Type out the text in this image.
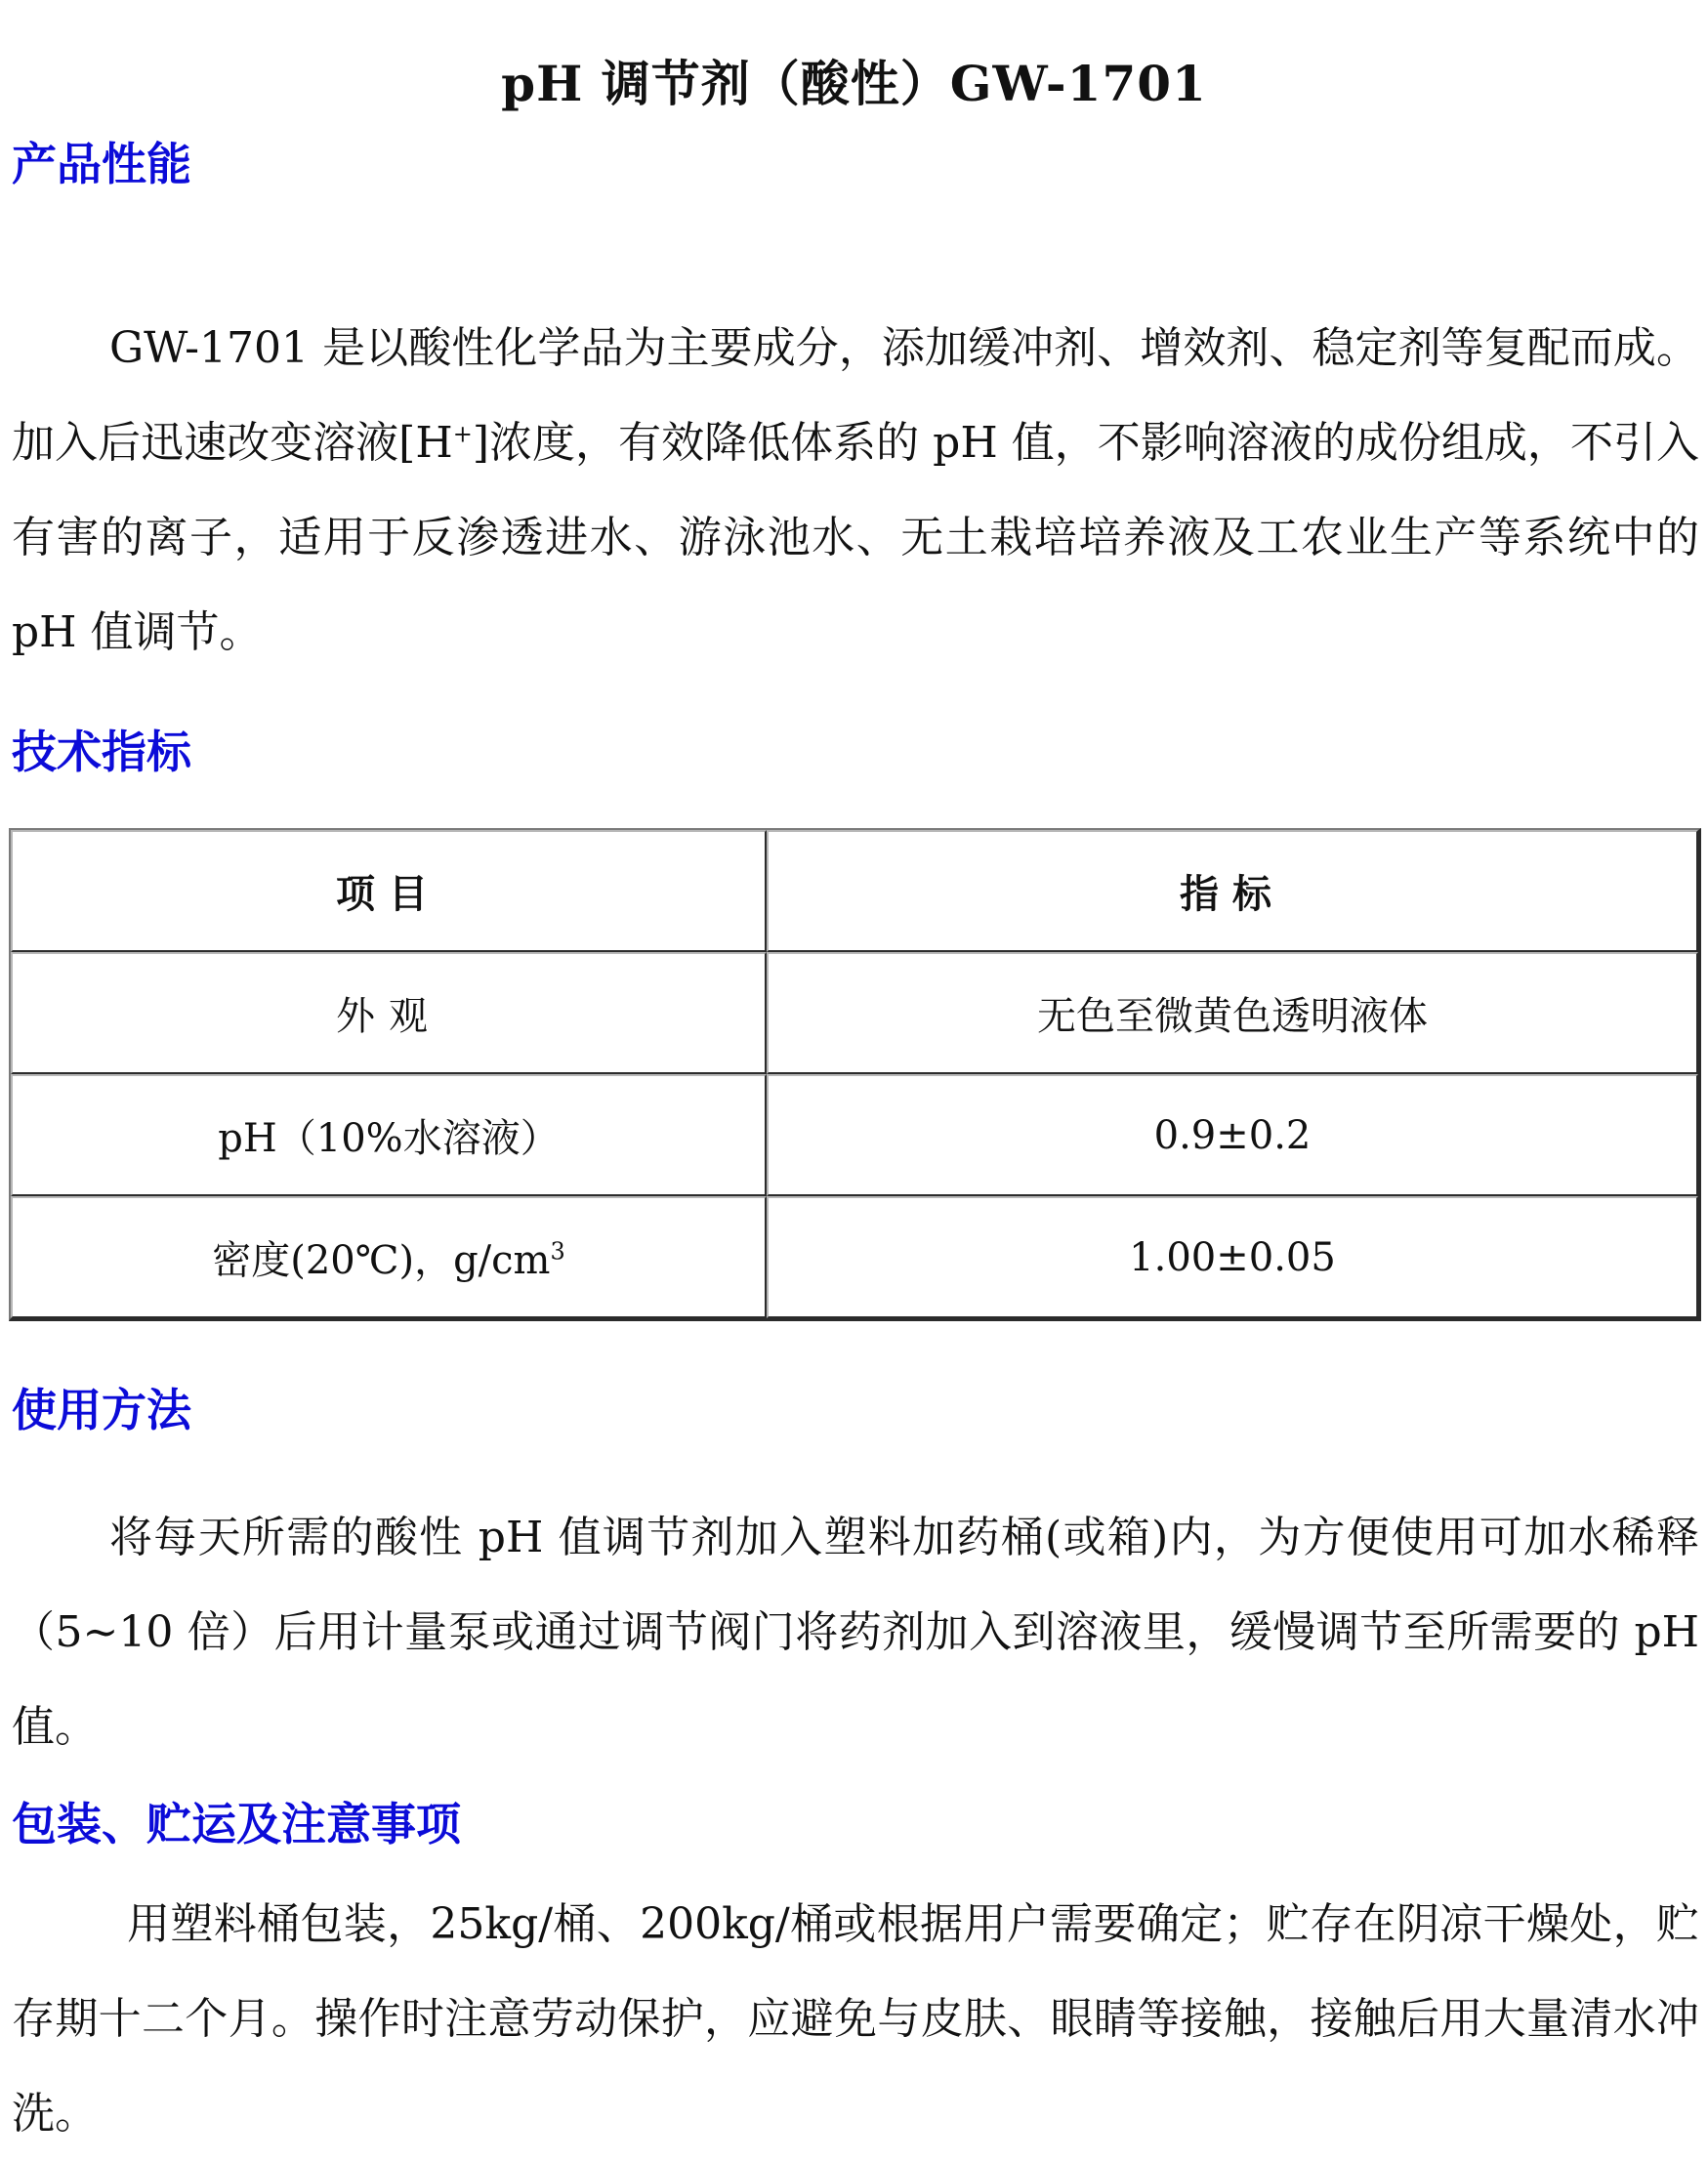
pH 调节剂（酸性）GW-1701
产品性能

GW-1701 是以酸性化学品为主要成分，添加缓冲剂、增效剂、稳定剂等复配而成。加入后迅速改变溶液[H+]浓度，有效降低体系的 pH 值，不影响溶液的成份组成，不引入有害的离子，适用于反渗透进水、游泳池水、无土栽培培养液及工农业生产等系统中的 pH 值调节。

技术指标
项目	指标
外观	无色至微黄色透明液体
pH（10%水溶液）	0.9±0.2
密度(20℃)，$g/cm^3$	1.00±0.05
使用方法

将每天所需的酸性 pH 值调节剂加入塑料加药桶(或箱)内，为方便使用可加水稀释（5~10 倍）后用计量泵或通过调节阀门将药剂加入到溶液里，缓慢调节至所需要的 pH 值。

包装、贮运及注意事项

用塑料桶包装，25kg/桶、200kg/桶或根据用户需要确定；贮存在阴凉干燥处，贮存期十二个月。操作时注意劳动保护，应避免与皮肤、眼睛等接触，接触后用大量清水冲洗。
